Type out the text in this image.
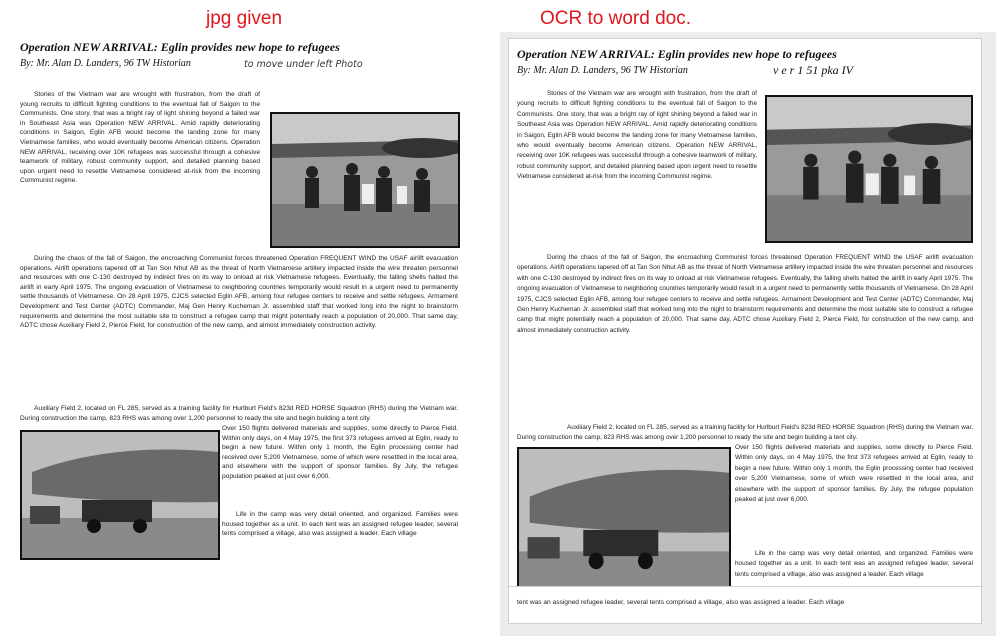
jpg given	OCR to word doc.
Operation NEW ARRIVAL: Eglin provides new hope to refugees
By: Mr. Alan D. Landers, 96 TW Historian	to move under left Photo
Stories of the Vietnam war are wrought with frustration, from the draft of young recruits to difficult fighting conditions to the eventual fall of Saigon to the Communists. One story, that was a bright ray of light shining beyond a failed war in Southeast Asia was Operation NEW ARRIVAL. Amid rapidly deteriorating conditions in Saigon, Eglin AFB would become the landing zone for many Vietnamese families, who would eventually become American citizens. Operation NEW ARRIVAL, receiving over 10K refugees was successful through a cohesive teamwork of military, robust community support, and detailed planning based upon urgent need to resettle Vietnamese considered at-risk from the incoming Communist regime.
During the chaos of the fall of Saigon, the encroaching Communist forces threatened Operation FREQUENT WIND the USAF airlift evacuation operations. Airlift operations tapered off at Tan Son Nhut AB as the threat of North Vietnamese artillery impacted inside the wire threaten personnel and resources with one C-130 destroyed by indirect fires on its way to onload at risk Vietnamese refugees. Eventually, the falling shells halted the airlift in early April 1975. The ongoing evacuation of Vietnamese to neighboring countries temporarily would result in a urgent need to permanently settle thousands of Vietnamese. On 28 April 1975, CJCS selected Eglin AFB, among four refugee centers to receive and settle refugees. Armament Development and Test Center (ADTC) Commander, Maj Gen Henry Kucheman Jr. assembled staff that worked long into the night to brainstorm requirements and determine the most suitable site to construct a refugee camp that might potentially reach a population of 20,000. That same day, ADTC chose Auxiliary Field 2, Pierce Field, for construction of the new camp, and almost immediately construction activity.
Auxiliary Field 2, located on FL 285, served as a training facility for Hurlburt Field's 823d RED HORSE Squadron (RHS) during the Vietnam war. During construction the camp, 823 RHS was among over 1,200 personnel to ready the site and begin building a tent city.
Over 150 flights delivered materials and supplies, some directly to Pierce Field. Within only days, on 4 May 1975, the first 373 refugees arrived at Eglin, ready to begin a new future. Within only 1 month, the Eglin processing center had received over 5,200 Vietnamese, some of which were resettled in the local area, and elsewhere with the support of sponsor families. By July, the refugee population peaked at just over 6,000.
Life in the camp was very detail oriented, and organized. Families were housed together as a unit. In each tent was an assigned refugee leader, several tents comprised a village, also was assigned a leader. Each village
Operation NEW ARRIVAL: Eglin provides new hope to refugees
By: Mr. Alan D. Landers, 96 TW Historian	v e r 1 51 pka IV
Stories of the Vietnam war are wrought with frustration, from the draft of young recruits to difficult fighting conditions to the eventual fall of Saigon to the Communists. One story, that was a bright ray of light shining beyond a failed war in Southeast Asia was Operation NEW ARRIVAL. Amid rapidly deteriorating conditions in Saigon, Eglin AFB would become the landing zone for many Vietnamese families, who would eventually become American citizens. Operation NEW ARRIVAL, receiving over 10K refugees was successful through a cohesive teamwork of military, robust community support, and detailed planning based upon urgent need to resettle Vietnamese considered at-risk from the incoming Communist regime.
During the chaos of the fall of Saigon, the encroaching Communist forces threatened Operation FREQUENT WIND the USAF airlift evacuation operations. Airlift operations tapered off at Tan Son Nhut AB as the threat of North Vietnamese artillery impacted inside the wire threaten personnel and resources with one C-130 destroyed by indirect fires on its way to onload at risk Vietnamese refugees. Eventually, the falling shells halted the airlift in early April 1975. The ongoing evacuation of Vietnamese to neighboring countries temporarily would result in a urgent need to permanently settle thousands of Vietnamese. On 28 April 1975, CJCS selected Eglin AFB, among four refugee centers to receive and settle refugees. Armament Development and Test Center (ADTC) Commander, Maj Gen Henry Kucheman Jr. assembled staff that worked long into the night to brainstorm requirements and determine the most suitable site to construct a refugee camp that might potentially reach a population of 20,000. That same day, ADTC chose Auxiliary Field 2, Pierce Field, for construction of the new camp, and almost immediately construction activity.
Auxiliary Field 2, located on FL 285, served as a training facility for Hurlburt Field's 823d RED HORSE Squadron (RHS) during the Vietnam war. During construction the camp, 823 RHS was among over 1,200 personnel to ready the site and begin building a tent city.
Over 150 flights delivered materials and supplies, some directly to Pierce Field. Within only days, on 4 May 1975, the first 373 refugees arrived at Eglin, ready to begin a new future. Within only 1 month, the Eglin processing center had received over 5,200 Vietnamese, some of which were resettled in the local area, and elsewhere with the support of sponsor families. By July, the refugee population peaked at just over 6,000.
Life in the camp was very detail oriented, and organized. Families were housed together as a unit. In each tent was an assigned refugee leader, several tents comprised a village, also was assigned a leader. Each village
tent was an assigned refugee leader, several tents comprised a village, also was assigned a leader. Each village
